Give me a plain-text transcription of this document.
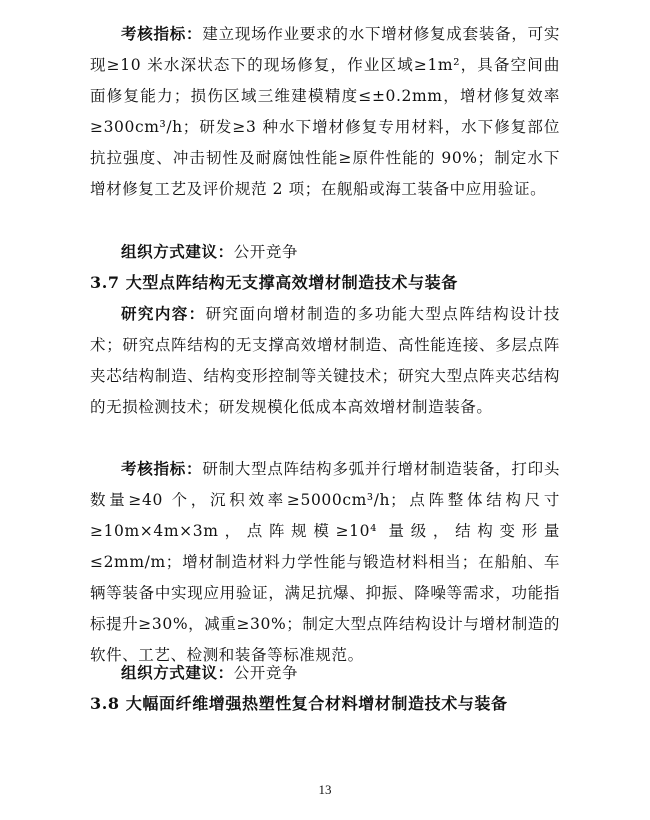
考核指标：建立现场作业要求的水下增材修复成套装备，可实现≥10 米水深状态下的现场修复，作业区域≥1m²，具备空间曲面修复能力；损伤区域三维建模精度≤±0.2mm，增材修复效率≥300cm³/h；研发≥3 种水下增材修复专用材料，水下修复部位抗拉强度、冲击韧性及耐腐蚀性能≥原件性能的 90%；制定水下增材修复工艺及评价规范 2 项；在舰船或海工装备中应用验证。

组织方式建议：公开竞争

3.7 大型点阵结构无支撑高效增材制造技术与装备

研究内容：研究面向增材制造的多功能大型点阵结构设计技术；研究点阵结构的无支撑高效增材制造、高性能连接、多层点阵夹芯结构制造、结构变形控制等关键技术；研究大型点阵夹芯结构的无损检测技术；研发规模化低成本高效增材制造装备。

考核指标：研制大型点阵结构多弧并行增材制造装备，打印头数量≥40 个，沉积效率≥5000cm³/h；点阵整体结构尺寸≥10m×4m×3m，点阵规模≥10⁴ 量级，结构变形量≤2mm/m；增材制造材料力学性能与锻造材料相当；在船舶、车辆等装备中实现应用验证，满足抗爆、抑振、降噪等需求，功能指标提升≥30%，减重≥30%；制定大型点阵结构设计与增材制造的软件、工艺、检测和装备等标准规范。

组织方式建议：公开竞争

3.8 大幅面纤维增强热塑性复合材料增材制造技术与装备

13
